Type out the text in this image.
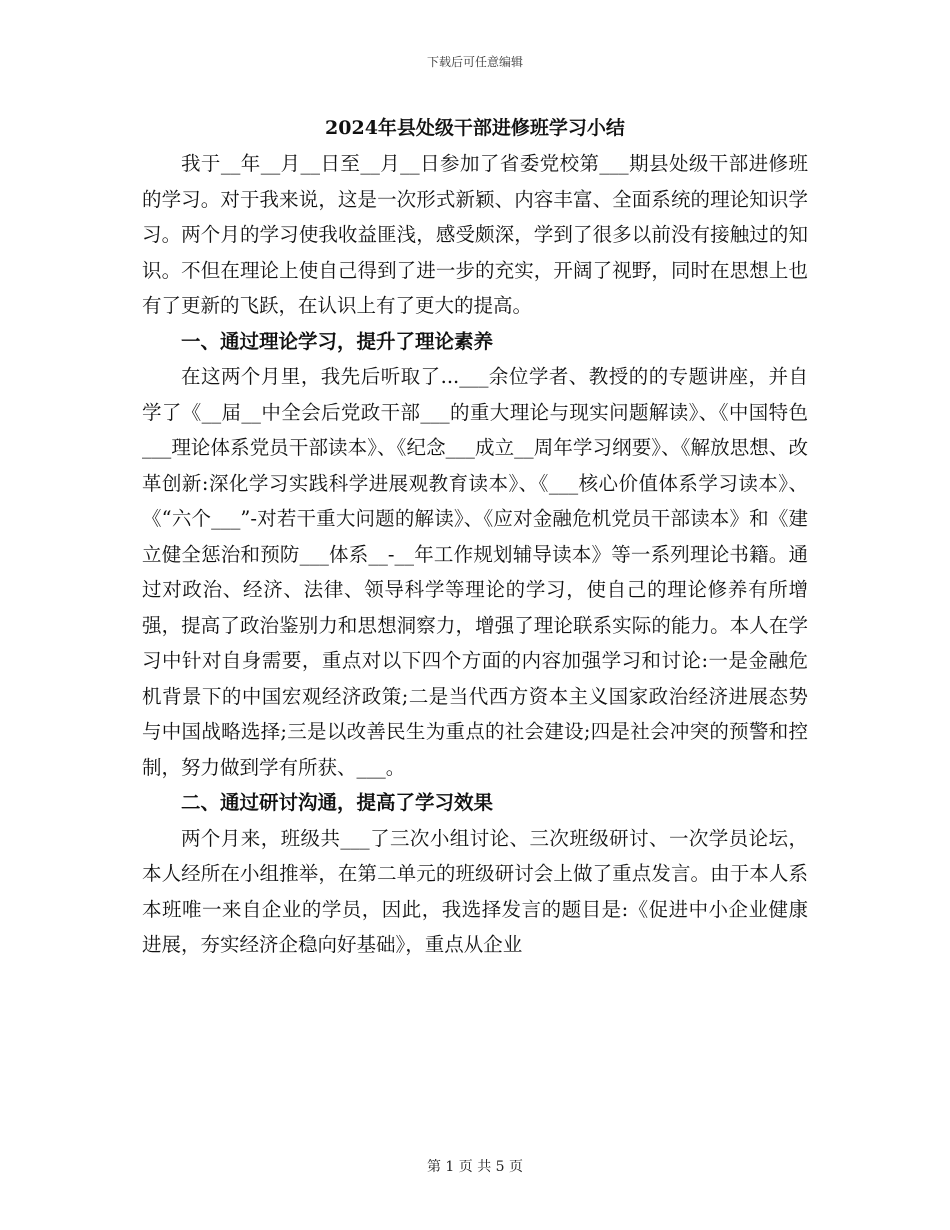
下载后可任意编辑
2024年县处级干部进修班学习小结

我于__年__月__日至__月__日参加了省委党校第___期县处级干部进修班的学习。对于我来说，这是一次形式新颖、内容丰富、全面系统的理论知识学习。两个月的学习使我收益匪浅，感受颇深，学到了很多以前没有接触过的知识。不但在理论上使自己得到了进一步的充实，开阔了视野，同时在思想上也有了更新的飞跃，在认识上有了更大的提高。

一、通过理论学习，提升了理论素养

在这两个月里，我先后听取了...___余位学者、教授的的专题讲座，并自学了《__届__中全会后党政干部___的重大理论与现实问题解读》、《中国特色___理论体系党员干部读本》、《纪念___成立__周年学习纲要》、《解放思想、改革创新:深化学习实践科学进展观教育读本》、《___核心价值体系学习读本》、《“六个___”-对若干重大问题的解读》、《应对金融危机党员干部读本》和《建立健全惩治和预防___体系__-__年工作规划辅导读本》等一系列理论书籍。通过对政治、经济、法律、领导科学等理论的学习，使自己的理论修养有所增强，提高了政治鉴别力和思想洞察力，增强了理论联系实际的能力。本人在学习中针对自身需要，重点对以下四个方面的内容加强学习和讨论:一是金融危机背景下的中国宏观经济政策;二是当代西方资本主义国家政治经济进展态势与中国战略选择;三是以改善民生为重点的社会建设;四是社会冲突的预警和控制，努力做到学有所获、___。

二、通过研讨沟通，提高了学习效果

两个月来，班级共___了三次小组讨论、三次班级研讨、一次学员论坛，本人经所在小组推举，在第二单元的班级研讨会上做了重点发言。由于本人系本班唯一来自企业的学员，因此，我选择发言的题目是:《促进中小企业健康进展，夯实经济企稳向好基础》，重点从企业

第 1 页 共 5 页
